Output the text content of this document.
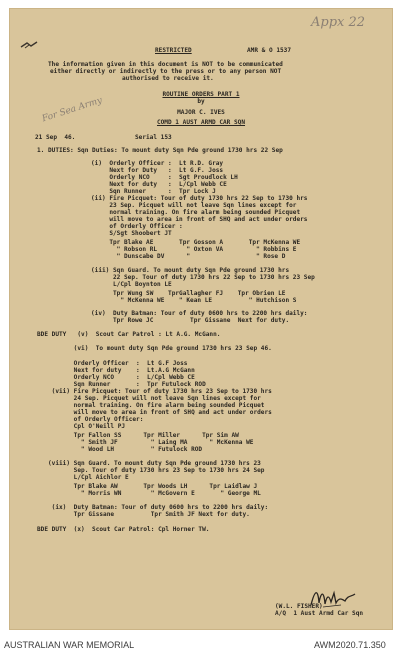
Appx 22
For Sea Army
RESTRICTED	AMR & O 1537
The information given in this document is NOT to be communicated
either directly or indirectly to the press or to any person NOT
authorised to receive it.
ROUTINE ORDERS PART 1
by
MAJOR C. IVES
COMD 1 AUST ARMD CAR SQN
21 Sep  46.	Serial 153
1. DUTIES: Sqn Duties: To mount duty Sqn Pde ground 1730 hrs 22 Sep
(i)  Orderly Officer :  Lt R.D. Gray
Next for Duty   :  Lt G.F. Joss
Orderly NCO     :  Sgt Proudlock LH
Next for duty   :  L/Cpl Webb CE
Sqn Runner      :  Tpr Lock J
(ii) Fire Picquet: Tour of duty 1730 hrs 22 Sep to 1730 hrs
23 Sep. Picquet will not leave Sqn lines except for
normal training. On fire alarm being sounded Picquet
will move to area in front of SHQ and act under orders
of Orderly Officer :
S/Sgt Shoobert JT
Tpr Blake AE       Tpr Gosson A       Tpr McKenna WE
" Robson RL        " Oxton VA         " Robbins E
" Dunscabe DV      "                  " Rose D
(iii) Sqn Guard. To mount duty Sqn Pde ground 1730 hrs
22 Sep. Tour of duty 1730 hrs 22 Sep to 1730 hrs 23 Sep
L/Cpl Boynton LE
Tpr Wung SW    TprGallagher FJ    Tpr Obrien LE
" McKenna WE    " Kean LE          " Hutchison S
(iv)  Duty Batman: Tour of duty 0600 hrs to 2200 hrs daily:
Tpr Rowe JC          Tpr Gissane  Next for duty.
BDE DUTY   (v)  Scout Car Patrol : Lt A.G. McGann.
(vi)  To mount duty Sqn Pde ground 1730 hrs 23 Sep 46.
Orderly Officer  :  Lt G.F Joss
Next for duty    :  Lt.A.G McGann
Orderly NCO      :  L/Cpl Webb CE
Sqn Runner       :  Tpr Futulock ROD
(vii) Fire Picquet: Tour of duty 1730 hrs 23 Sep to 1730 hrs
24 Sep. Picquet will not leave Sqn lines except for
normal training. On fire alarm being sounded Picquet
will move to area in front of SHQ and act under orders
of Orderly Officer:
Cpl O'Neill PJ
Tpr Fallon SS      Tpr Miller      Tpr Sim AW
" Smith JF         " Laing MA      " McKenna WE
" Wood LH          " Futulock ROD
(viii) Sqn Guard. To mount duty Sqn Pde ground 1730 hrs 23
Sep. Tour of duty 1730 hrs 23 Sep to 1730 hrs 24 Sep
L/Cpl Aichlor E
Tpr Blake AW       Tpr Woods LH      Tpr Laidlaw J
" Morris WN        " McGovern E       " George ML
(ix)  Duty Batman: Tour of duty 0600 hrs to 2200 hrs daily:
Tpr Gissane          Tpr Smith JF Next for duty.
BDE DUTY  (x)  Scout Car Patrol: Cpl Horner TW.
(W.L. FISHER)
A/Q  1 Aust Armd Car Sqn
AUSTRALIAN WAR MEMORIAL	AWM2020.71.350
